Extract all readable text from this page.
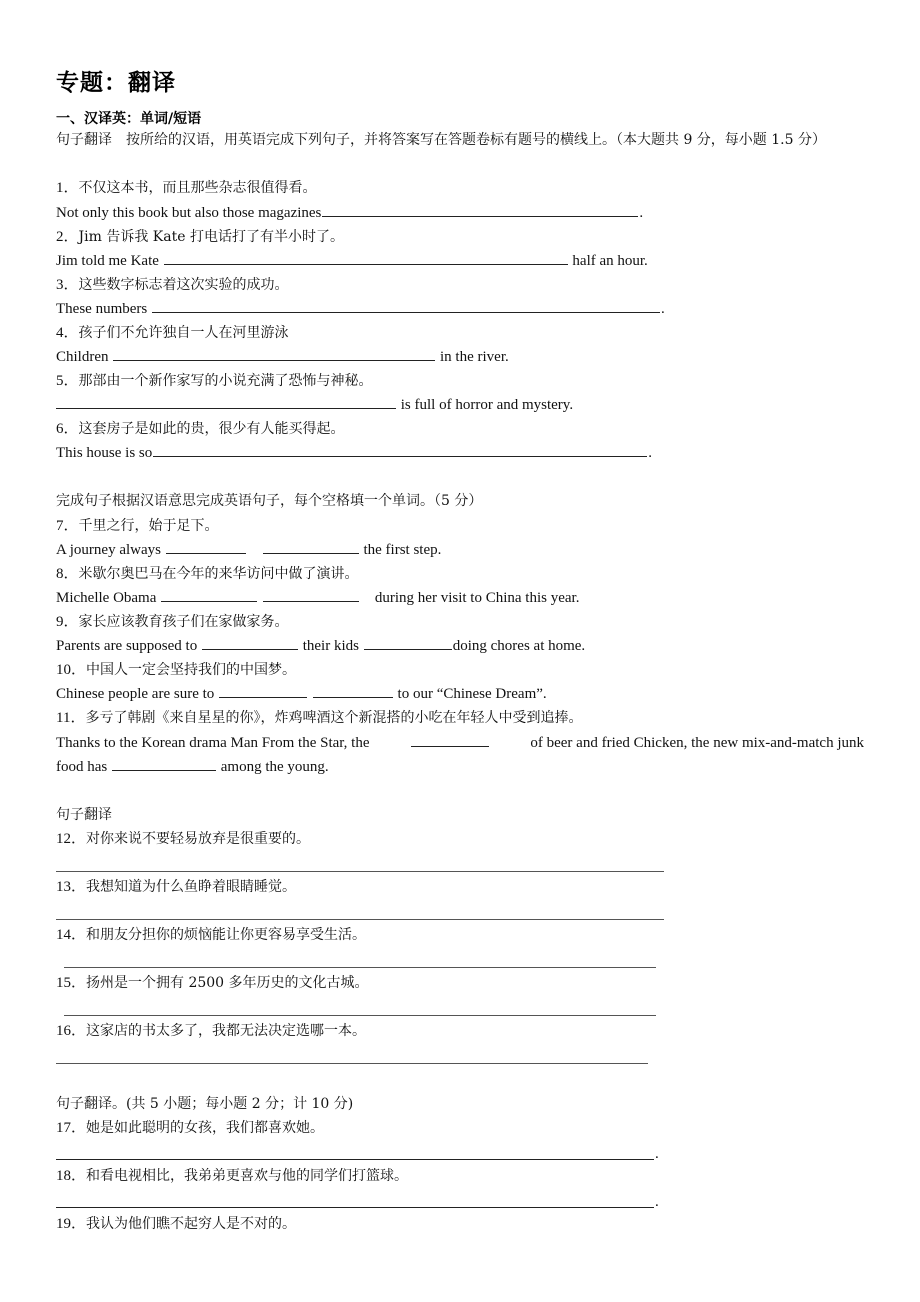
专题：翻译
一、汉译英：单词/短语
句子翻译　按所给的汉语，用英语完成下列句子，并将答案写在答题卷标有题号的横线上。（本大题共 9 分，每小题 1.5 分）
1．不仅这本书，而且那些杂志很值得看。
Not only this book but also those magazines	.
2．Jim 告诉我 Kate 打电话打了有半小时了。
Jim told me Kate	half an hour.
3．这些数字标志着这次实验的成功。
These numbers	.
4．孩子们不允许独自一人在河里游泳
Children	in the river.
5．那部由一个新作家写的小说充满了恐怖与神秘。
is full of horror and mystery.
6．这套房子是如此的贵，很少有人能买得起。
This house is so	.
完成句子根据汉语意思完成英语句子，每个空格填一个单词。（5 分）
7．千里之行，始于足下。
A journey always	the first step.
8．米歇尔奥巴马在今年的来华访问中做了演讲。
Michelle Obama	during her visit to China this year.
9．家长应该教育孩子们在家做家务。
Parents are supposed to	their kids	doing chores at home.
10．中国人一定会坚持我们的中国梦。
Chinese people are sure to	to our “Chinese Dream”.
11．多亏了韩剧《来自星星的你》，炸鸡啤酒这个新混搭的小吃在年轻人中受到追捧。
Thanks to the Korean drama Man From the Star, the	of beer and fried Chicken, the new mix-and-match junk
food has	among the young.
句子翻译
12．对你来说不要轻易放弃是很重要的。
13．我想知道为什么鱼睁着眼睛睡觉。
14．和朋友分担你的烦恼能让你更容易享受生活。
15．扬州是一个拥有 2500 多年历史的文化古城。
16．这家店的书太多了，我都无法决定选哪一本。
句子翻译。(共 5 小题；每小题 2 分；计 10 分)
17．她是如此聪明的女孩，我们都喜欢她。
.
18．和看电视相比，我弟弟更喜欢与他的同学们打篮球。
.
19．我认为他们瞧不起穷人是不对的。
